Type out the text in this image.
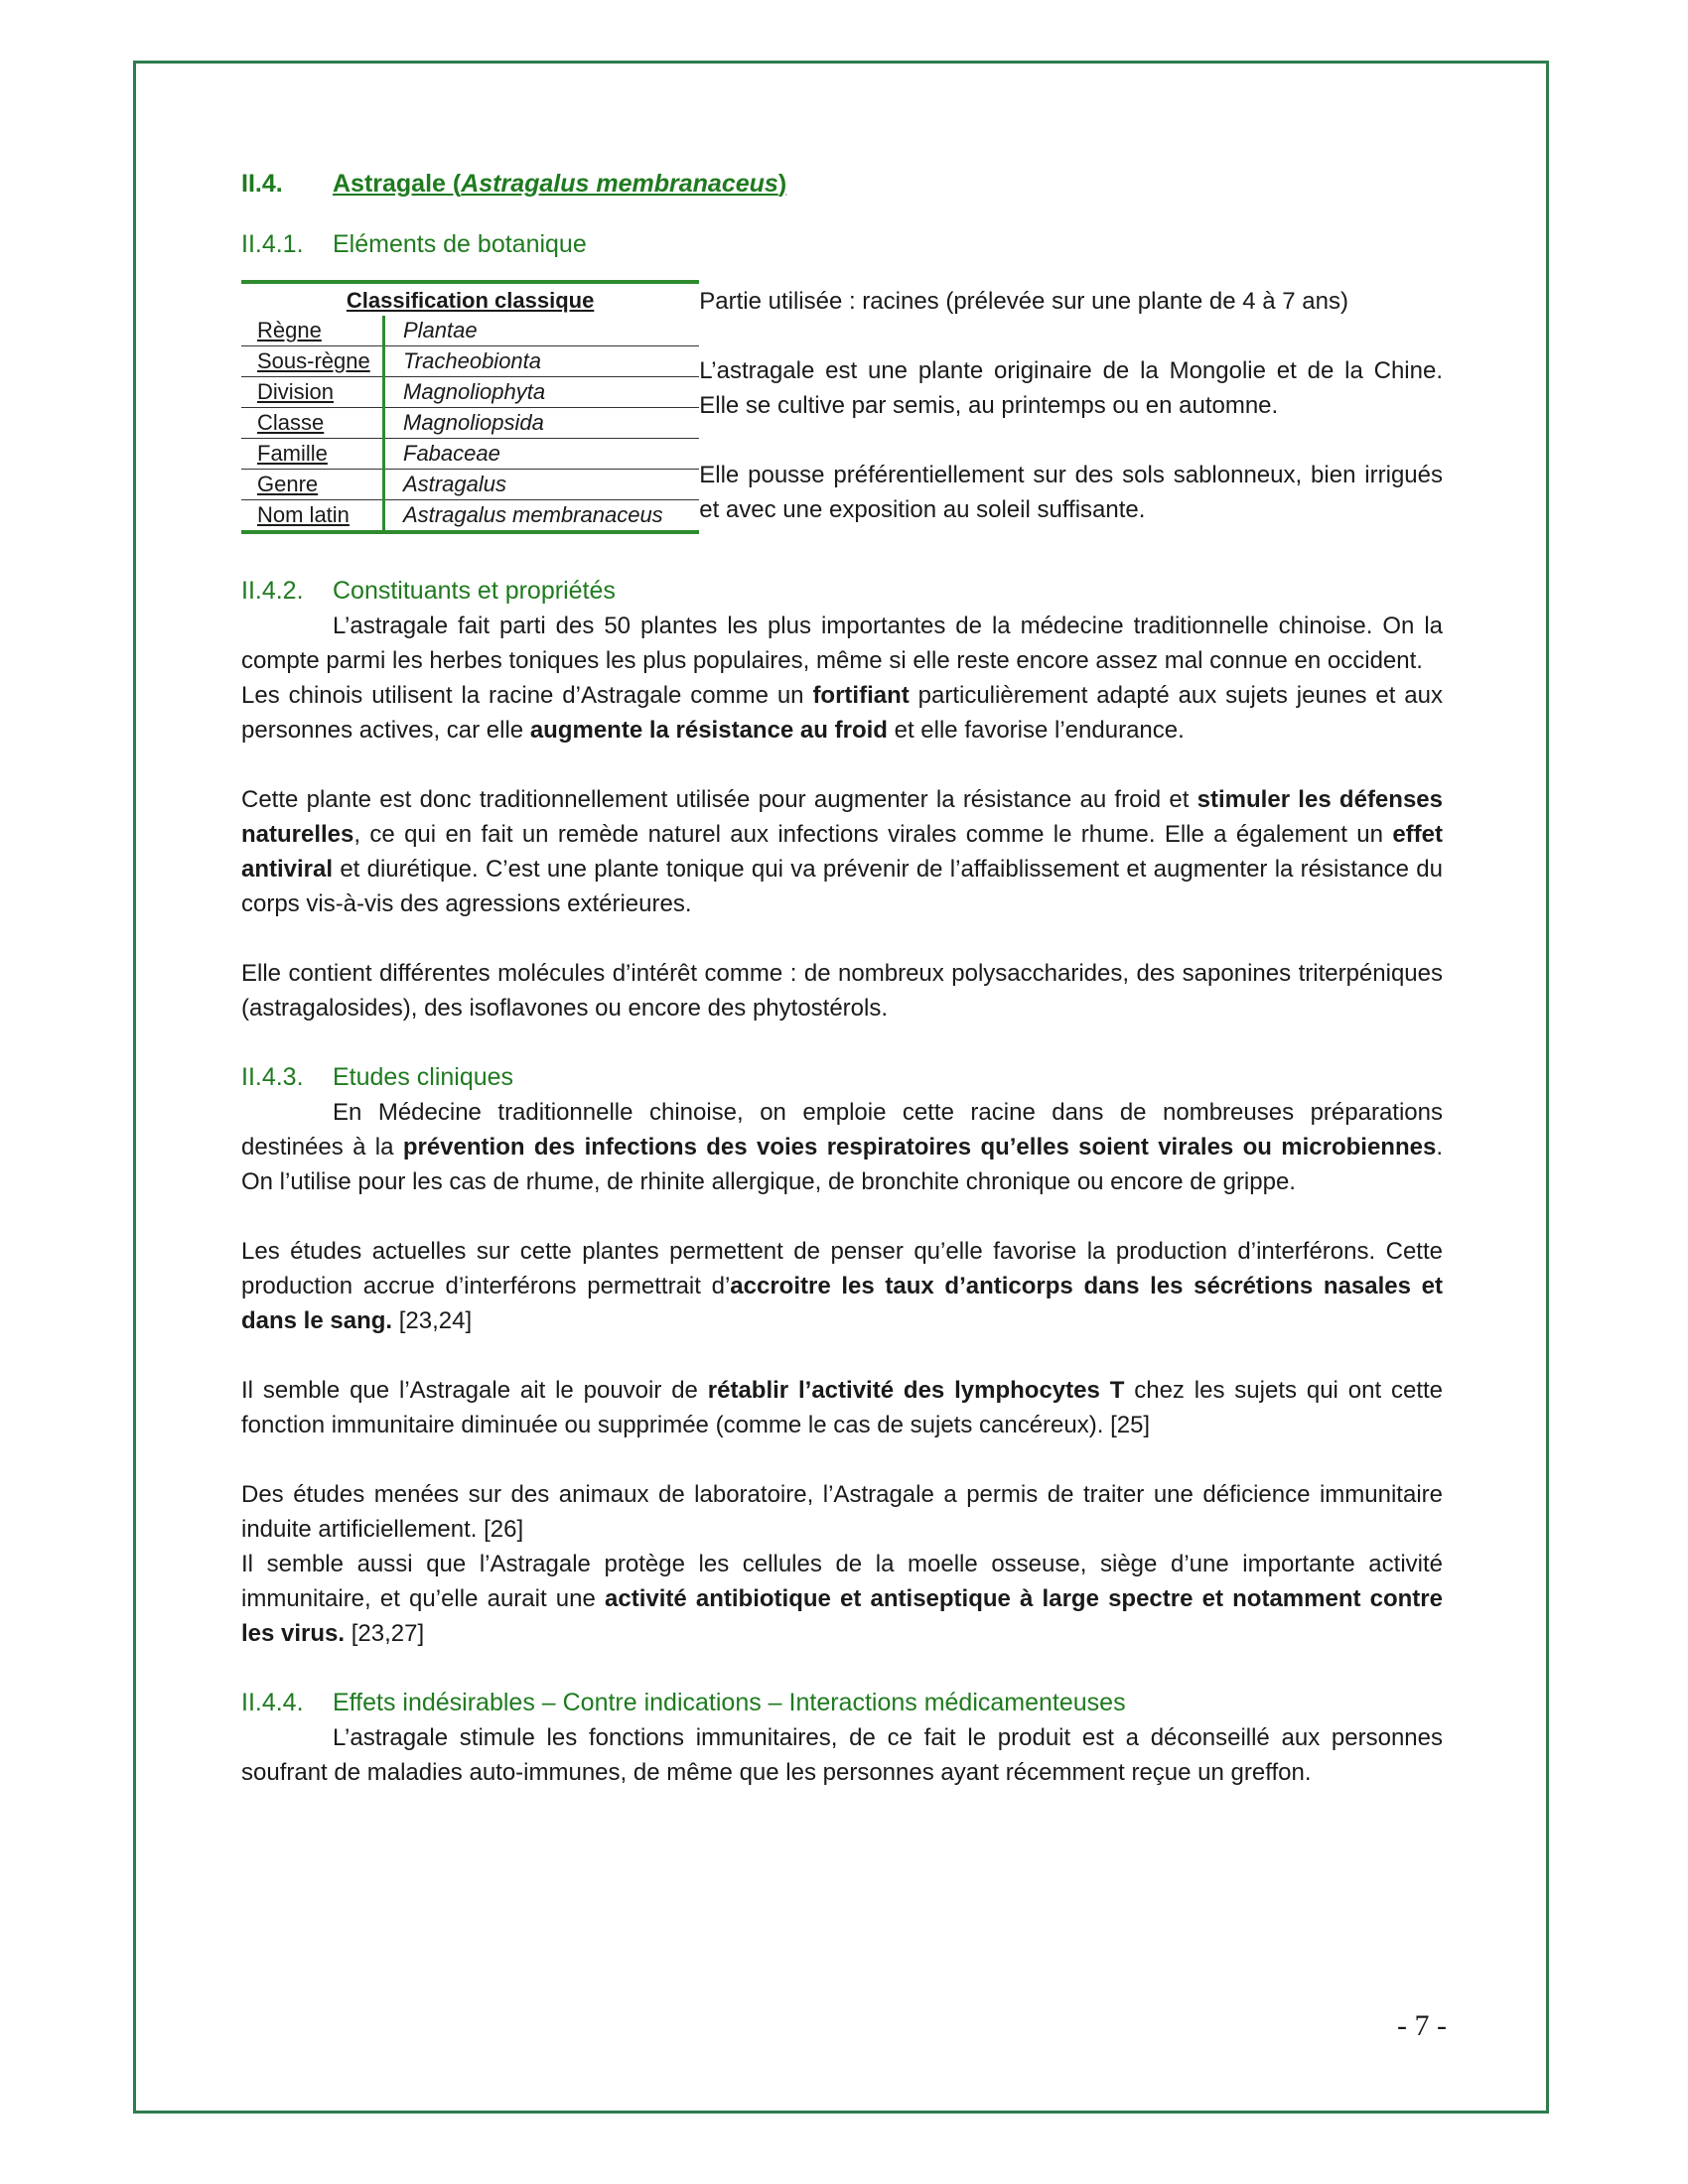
II.4. Astragale (Astragalus membranaceus)
II.4.1. Eléments de botanique
Classification classique	
Règne	Plantae
Sous-règne	Tracheobionta
Division	Magnoliophyta
Classe	Magnoliopsida
Famille	Fabaceae
Genre	Astragalus
Nom latin	Astragalus membranaceus

Partie utilisée : racines (prélevée sur une plante de 4 à 7 ans)

L’astragale est une plante originaire de la Mongolie et de la Chine. Elle se cultive par semis, au printemps ou en automne.

Elle pousse préférentiellement sur des sols sablonneux, bien irrigués et avec une exposition au soleil suffisante.

II.4.2. Constituants et propriétés

L’astragale fait parti des 50 plantes les plus importantes de la médecine traditionnelle chinoise. On la compte parmi les herbes toniques les plus populaires, même si elle reste encore assez mal connue en occident.

Les chinois utilisent la racine d’Astragale comme un fortifiant particulièrement adapté aux sujets jeunes et aux personnes actives, car elle augmente la résistance au froid et elle favorise l’endurance.

Cette plante est donc traditionnellement utilisée pour augmenter la résistance au froid et stimuler les défenses naturelles, ce qui en fait un remède naturel aux infections virales comme le rhume. Elle a également un effet antiviral et diurétique. C’est une plante tonique qui va prévenir de l’affaiblissement et augmenter la résistance du corps vis-à-vis des agressions extérieures.

Elle contient différentes molécules d’intérêt comme : de nombreux polysaccharides, des saponines triterpéniques (astragalosides), des isoflavones ou encore des phytostérols.

II.4.3. Etudes cliniques

En Médecine traditionnelle chinoise, on emploie cette racine dans de nombreuses préparations destinées à la prévention des infections des voies respiratoires qu’elles soient virales ou microbiennes. On l’utilise pour les cas de rhume, de rhinite allergique, de bronchite chronique ou encore de grippe.

Les études actuelles sur cette plantes permettent de penser qu’elle favorise la production d’interférons. Cette production accrue d’interférons permettrait d’accroitre les taux d’anticorps dans les sécrétions nasales et dans le sang. [23,24]

Il semble que l’Astragale ait le pouvoir de rétablir l’activité des lymphocytes T chez les sujets qui ont cette fonction immunitaire diminuée ou supprimée (comme le cas de sujets cancéreux). [25]

Des études menées sur des animaux de laboratoire, l’Astragale a permis de traiter une déficience immunitaire induite artificiellement. [26]

Il semble aussi que l’Astragale protège les cellules de la moelle osseuse, siège d’une importante activité immunitaire, et qu’elle aurait une activité antibiotique et antiseptique à large spectre et notamment contre les virus. [23,27]

II.4.4. Effets indésirables – Contre indications – Interactions médicamenteuses

L’astragale stimule les fonctions immunitaires, de ce fait le produit est a déconseillé aux personnes soufrant de maladies auto-immunes, de même que les personnes ayant récemment reçue un greffon.

- 7 -
